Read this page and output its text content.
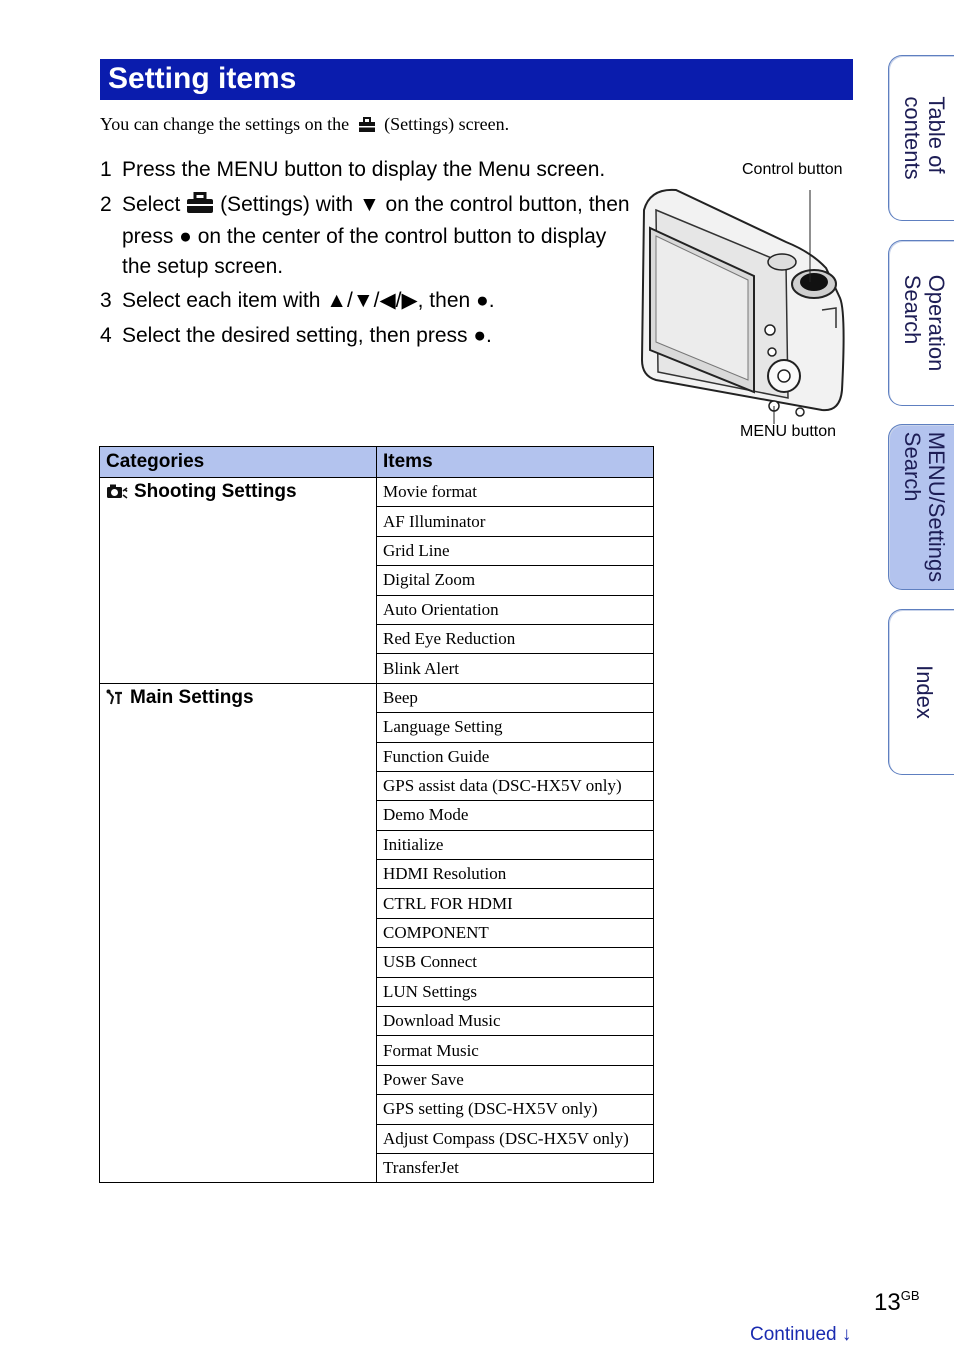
Setting items
You can change the settings on the (Settings) screen.
1 Press the MENU button to display the Menu screen.
2 Select (Settings) with ▼ on the control button, then press ● on the center of the control button to display the setup screen.
3 Select each item with ▲/▼/◀/▶, then ●.
4 Select the desired setting, then press ●.
Control button
MENU button
Categories	Items
Shooting Settings	Movie format
	AF Illuminator
	Grid Line
	Digital Zoom
	Auto Orientation
	Red Eye Reduction
	Blink Alert
Main Settings	Beep
	Language Setting
	Function Guide
	GPS assist data (DSC-HX5V only)
	Demo Mode
	Initialize
	HDMI Resolution
	CTRL FOR HDMI
	COMPONENT
	USB Connect
	LUN Settings
	Download Music
	Format Music
	Power Save
	GPS setting (DSC-HX5V only)
	Adjust Compass (DSC-HX5V only)
	TransferJet
Table of
contents
Operation
Search
MENU/Settings
Search
Index
$13^{GB}$
Continued ↓
